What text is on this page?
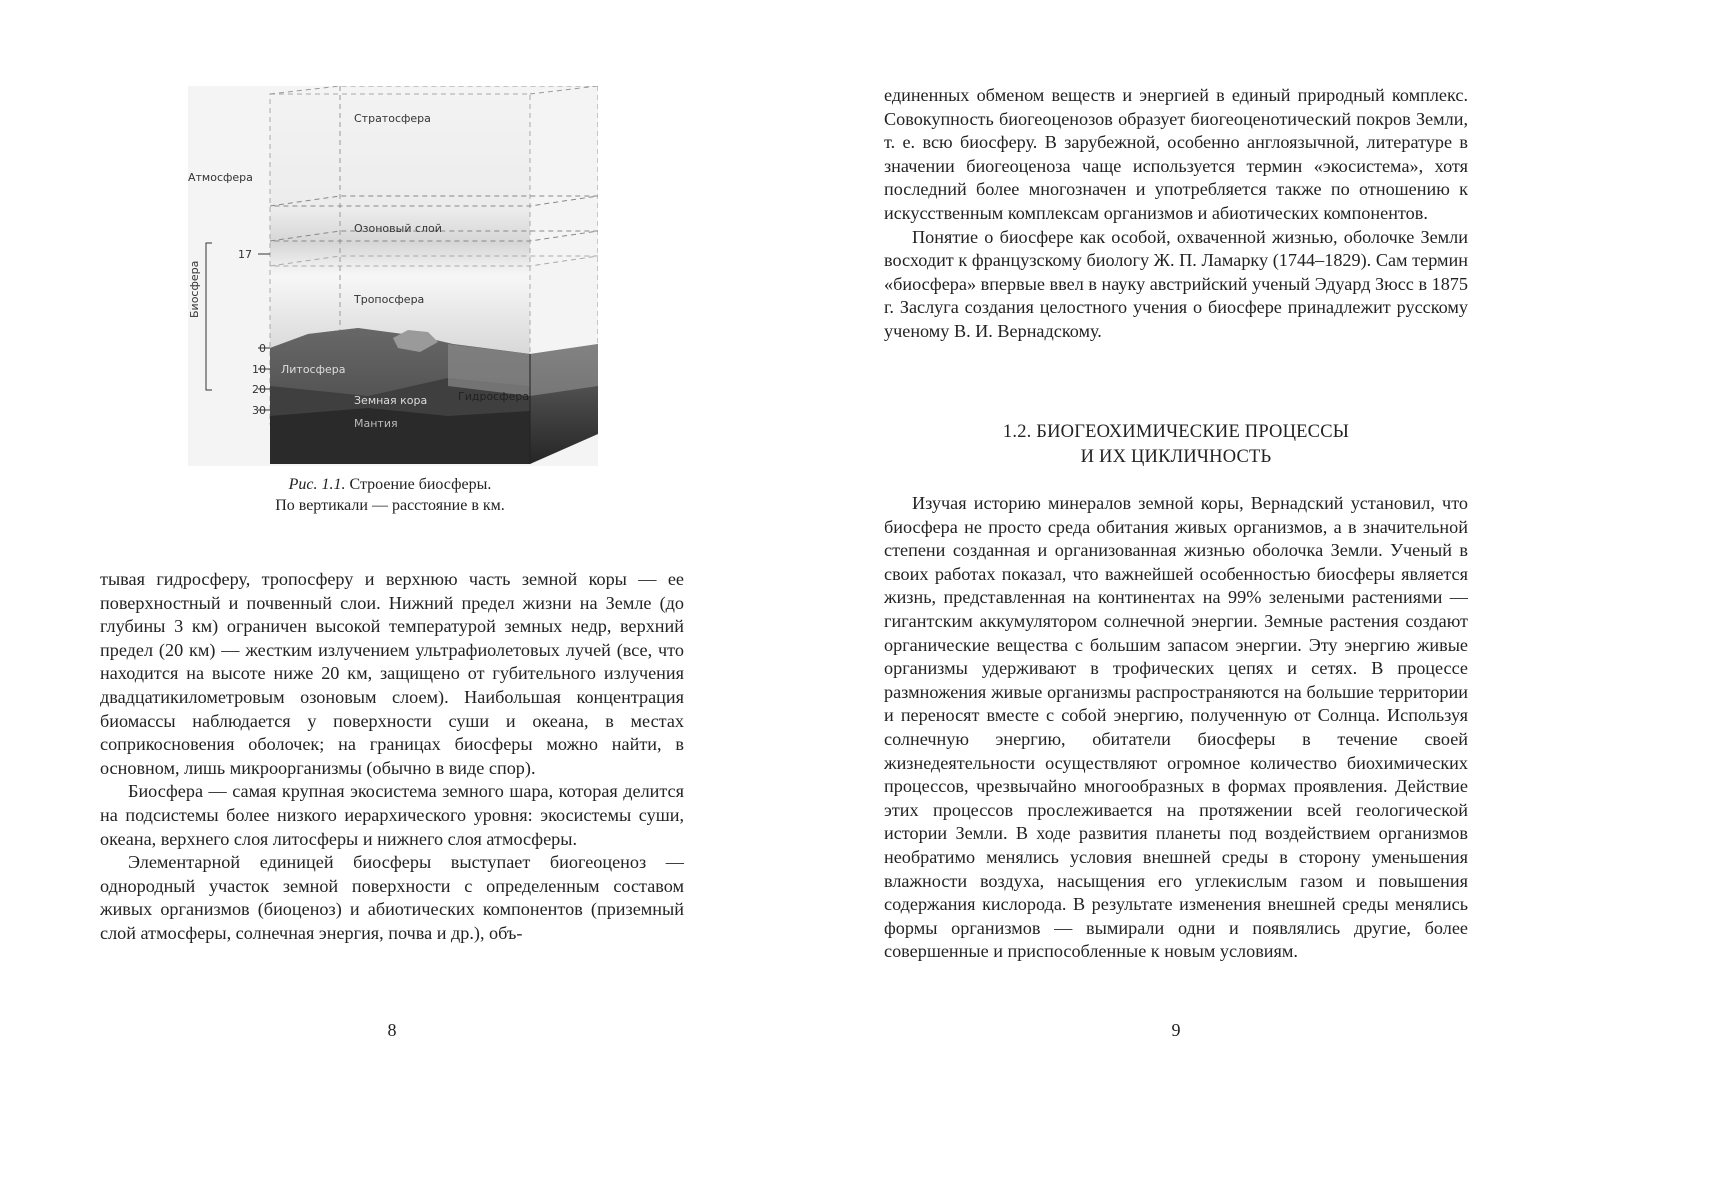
Стратосфера
Атмосфера
Озоновый слой
Тропосфера
Биосфера
Литосфера
Земная кора	Гидросфера
Мантия
17
0
10
20
30
Рис. 1.1. Строение биосферы.
По вертикали — расстояние в км.

тывая гидросферу, тропосферу и верхнюю часть земной коры — ее поверхностный и почвенный слои. Нижний предел жизни на Земле (до глубины 3 км) ограничен высокой температурой земных недр, верхний предел (20 км) — жестким излучением ультрафиолетовых лучей (все, что находится на высоте ниже 20 км, защищено от губительного излучения двадцатикилометровым озоновым слоем). Наибольшая концентрация биомассы наблюдается у поверхности суши и океана, в местах соприкосновения оболочек; на границах биосферы можно найти, в основном, лишь микроорганизмы (обычно в виде спор).

Биосфера — самая крупная экосистема земного шара, которая делится на подсистемы более низкого иерархического уровня: экосистемы суши, океана, верхнего слоя литосферы и нижнего слоя атмосферы.

Элементарной единицей биосферы выступает биогеоценоз — однородный участок земной поверхности с определенным составом живых организмов (биоценоз) и абиотических компонентов (приземный слой атмосферы, солнечная энергия, почва и др.), объ-

8

единенных обменом веществ и энергией в единый природный комплекс. Совокупность биогеоценозов образует биогеоценотический покров Земли, т. е. всю биосферу. В зарубежной, особенно англоязычной, литературе в значении биогеоценоза чаще используется термин «экосистема», хотя последний более многозначен и употребляется также по отношению к искусственным комплексам организмов и абиотических компонентов.

Понятие о биосфере как особой, охваченной жизнью, оболочке Земли восходит к французскому биологу Ж. П. Ламарку (1744–1829). Сам термин «биосфера» впервые ввел в науку австрийский ученый Эдуард Зюсс в 1875 г. Заслуга создания целостного учения о биосфере принадлежит русскому ученому В. И. Вернадскому.

1.2. БИОГЕОХИМИЧЕСКИЕ ПРОЦЕССЫ
И ИХ ЦИКЛИЧНОСТЬ

Изучая историю минералов земной коры, Вернадский установил, что биосфера не просто среда обитания живых организмов, а в значительной степени созданная и организованная жизнью оболочка Земли. Ученый в своих работах показал, что важнейшей особенностью биосферы является жизнь, представленная на континентах на 99% зелеными растениями — гигантским аккумулятором солнечной энергии. Земные растения создают органические вещества с большим запасом энергии. Эту энергию живые организмы удерживают в трофических цепях и сетях. В процессе размножения живые организмы распространяются на большие территории и переносят вместе с собой энергию, полученную от Солнца. Используя солнечную энергию, обитатели биосферы в течение своей жизнедеятельности осуществляют огромное количество биохимических процессов, чрезвычайно многообразных в формах проявления. Действие этих процессов прослеживается на протяжении всей геологической истории Земли. В ходе развития планеты под воздействием организмов необратимо менялись условия внешней среды в сторону уменьшения влажности воздуха, насыщения его углекислым газом и повышения содержания кислорода. В результате изменения внешней среды менялись формы организмов — вымирали одни и появлялись другие, более совершенные и приспособленные к новым условиям.

9
